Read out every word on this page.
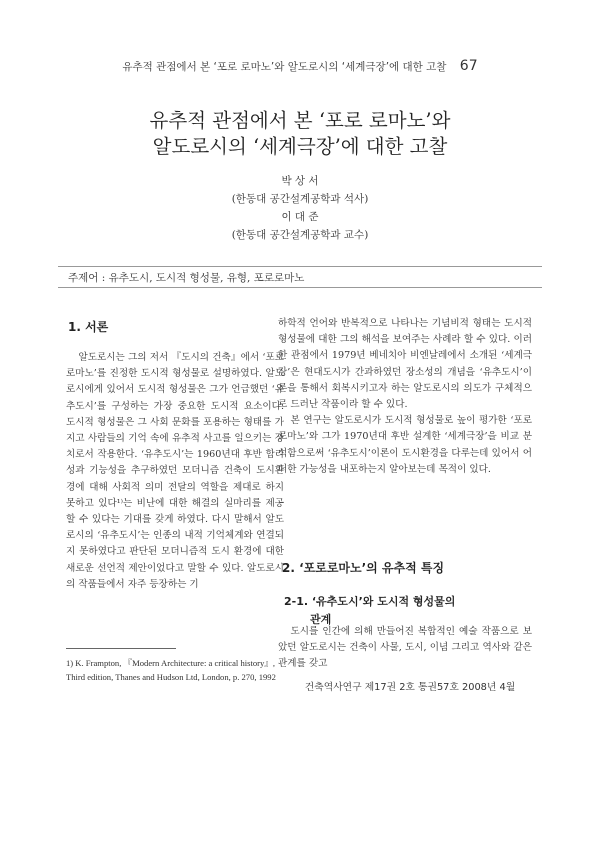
유추적 관점에서 본 ‘포로 로마노’와 알도로시의 ‘세계극장’에 대한 고찰 67
유추적 관점에서 본 ‘포로 로마노’와
알도로시의 ‘세계극장’에 대한 고찰
박 상 서
(한동대 공간설계공학과 석사)
이 대 준
(한동대 공간설계공학과 교수)
주제어 : 유추도시, 도시적 형성물, 유형, 포로로마노
1. 서론

알도로시는 그의 저서 『도시의 건축』에서 ‘포로 로마노’를 진정한 도시적 형성물로 설명하였다. 알도로시에게 있어서 도시적 형성물은 그가 언급했던 ‘유추도시’를 구성하는 가장 중요한 도시적 요소이다. 도시적 형성물은 그 사회 문화를 포용하는 형태를 가지고 사람들의 기억 속에 유추적 사고를 일으키는 장치로서 작용한다. ‘유추도시’는 1960년대 후반 합리성과 기능성을 추구하였던 모더니즘 건축이 도시환경에 대해 사회적 의미 전달의 역할을 제대로 하지 못하고 있다¹⁾는 비난에 대한 해결의 실마리를 제공할 수 있다는 기대를 갖게 하였다. 다시 말해서 알도로시의 ‘유추도시’는 인종의 내적 기억체계와 연결되지 못하였다고 판단된 모더니즘적 도시 환경에 대한 새로운 선언적 제안이었다고 말할 수 있다. 알도로시의 작품들에서 자주 등장하는 기

1) K. Frampton, 『Modern Architecture: a critical history』, Third edition, Thanes and Hudson Ltd, London, p. 270, 1992

하학적 언어와 반복적으로 나타나는 기념비적 형태는 도시적 형성물에 대한 그의 해석을 보여주는 사례라 할 수 있다. 이러한 관점에서 1979년 베네치아 비엔날레에서 소개된 ‘세계극장’은 현대도시가 간과하였던 장소성의 개념을 ‘유추도시’이론을 통해서 회복시키고자 하는 알도로시의 의도가 구체적으로 드러난 작품이라 할 수 있다.

본 연구는 알도로시가 도시적 형성물로 높이 평가한 ‘포로 로마노’와 그가 1970년대 후반 설계한 ‘세계극장’을 비교 분석함으로써 ‘유추도시’이론이 도시환경을 다루는데 있어서 어떠한 가능성을 내포하는지 알아보는데 목적이 있다.

2. ‘포로로마노’의 유추적 특징
2-1. ‘유추도시’와 도시적 형성물의
관계

도시를 인간에 의해 만들어진 복합적인 예술 작품으로 보았던 알도로시는 건축이 사물, 도시, 이념 그리고 역사와 같은 관계를 갖고

건축역사연구 제17권 2호 통권57호 2008년 4월
